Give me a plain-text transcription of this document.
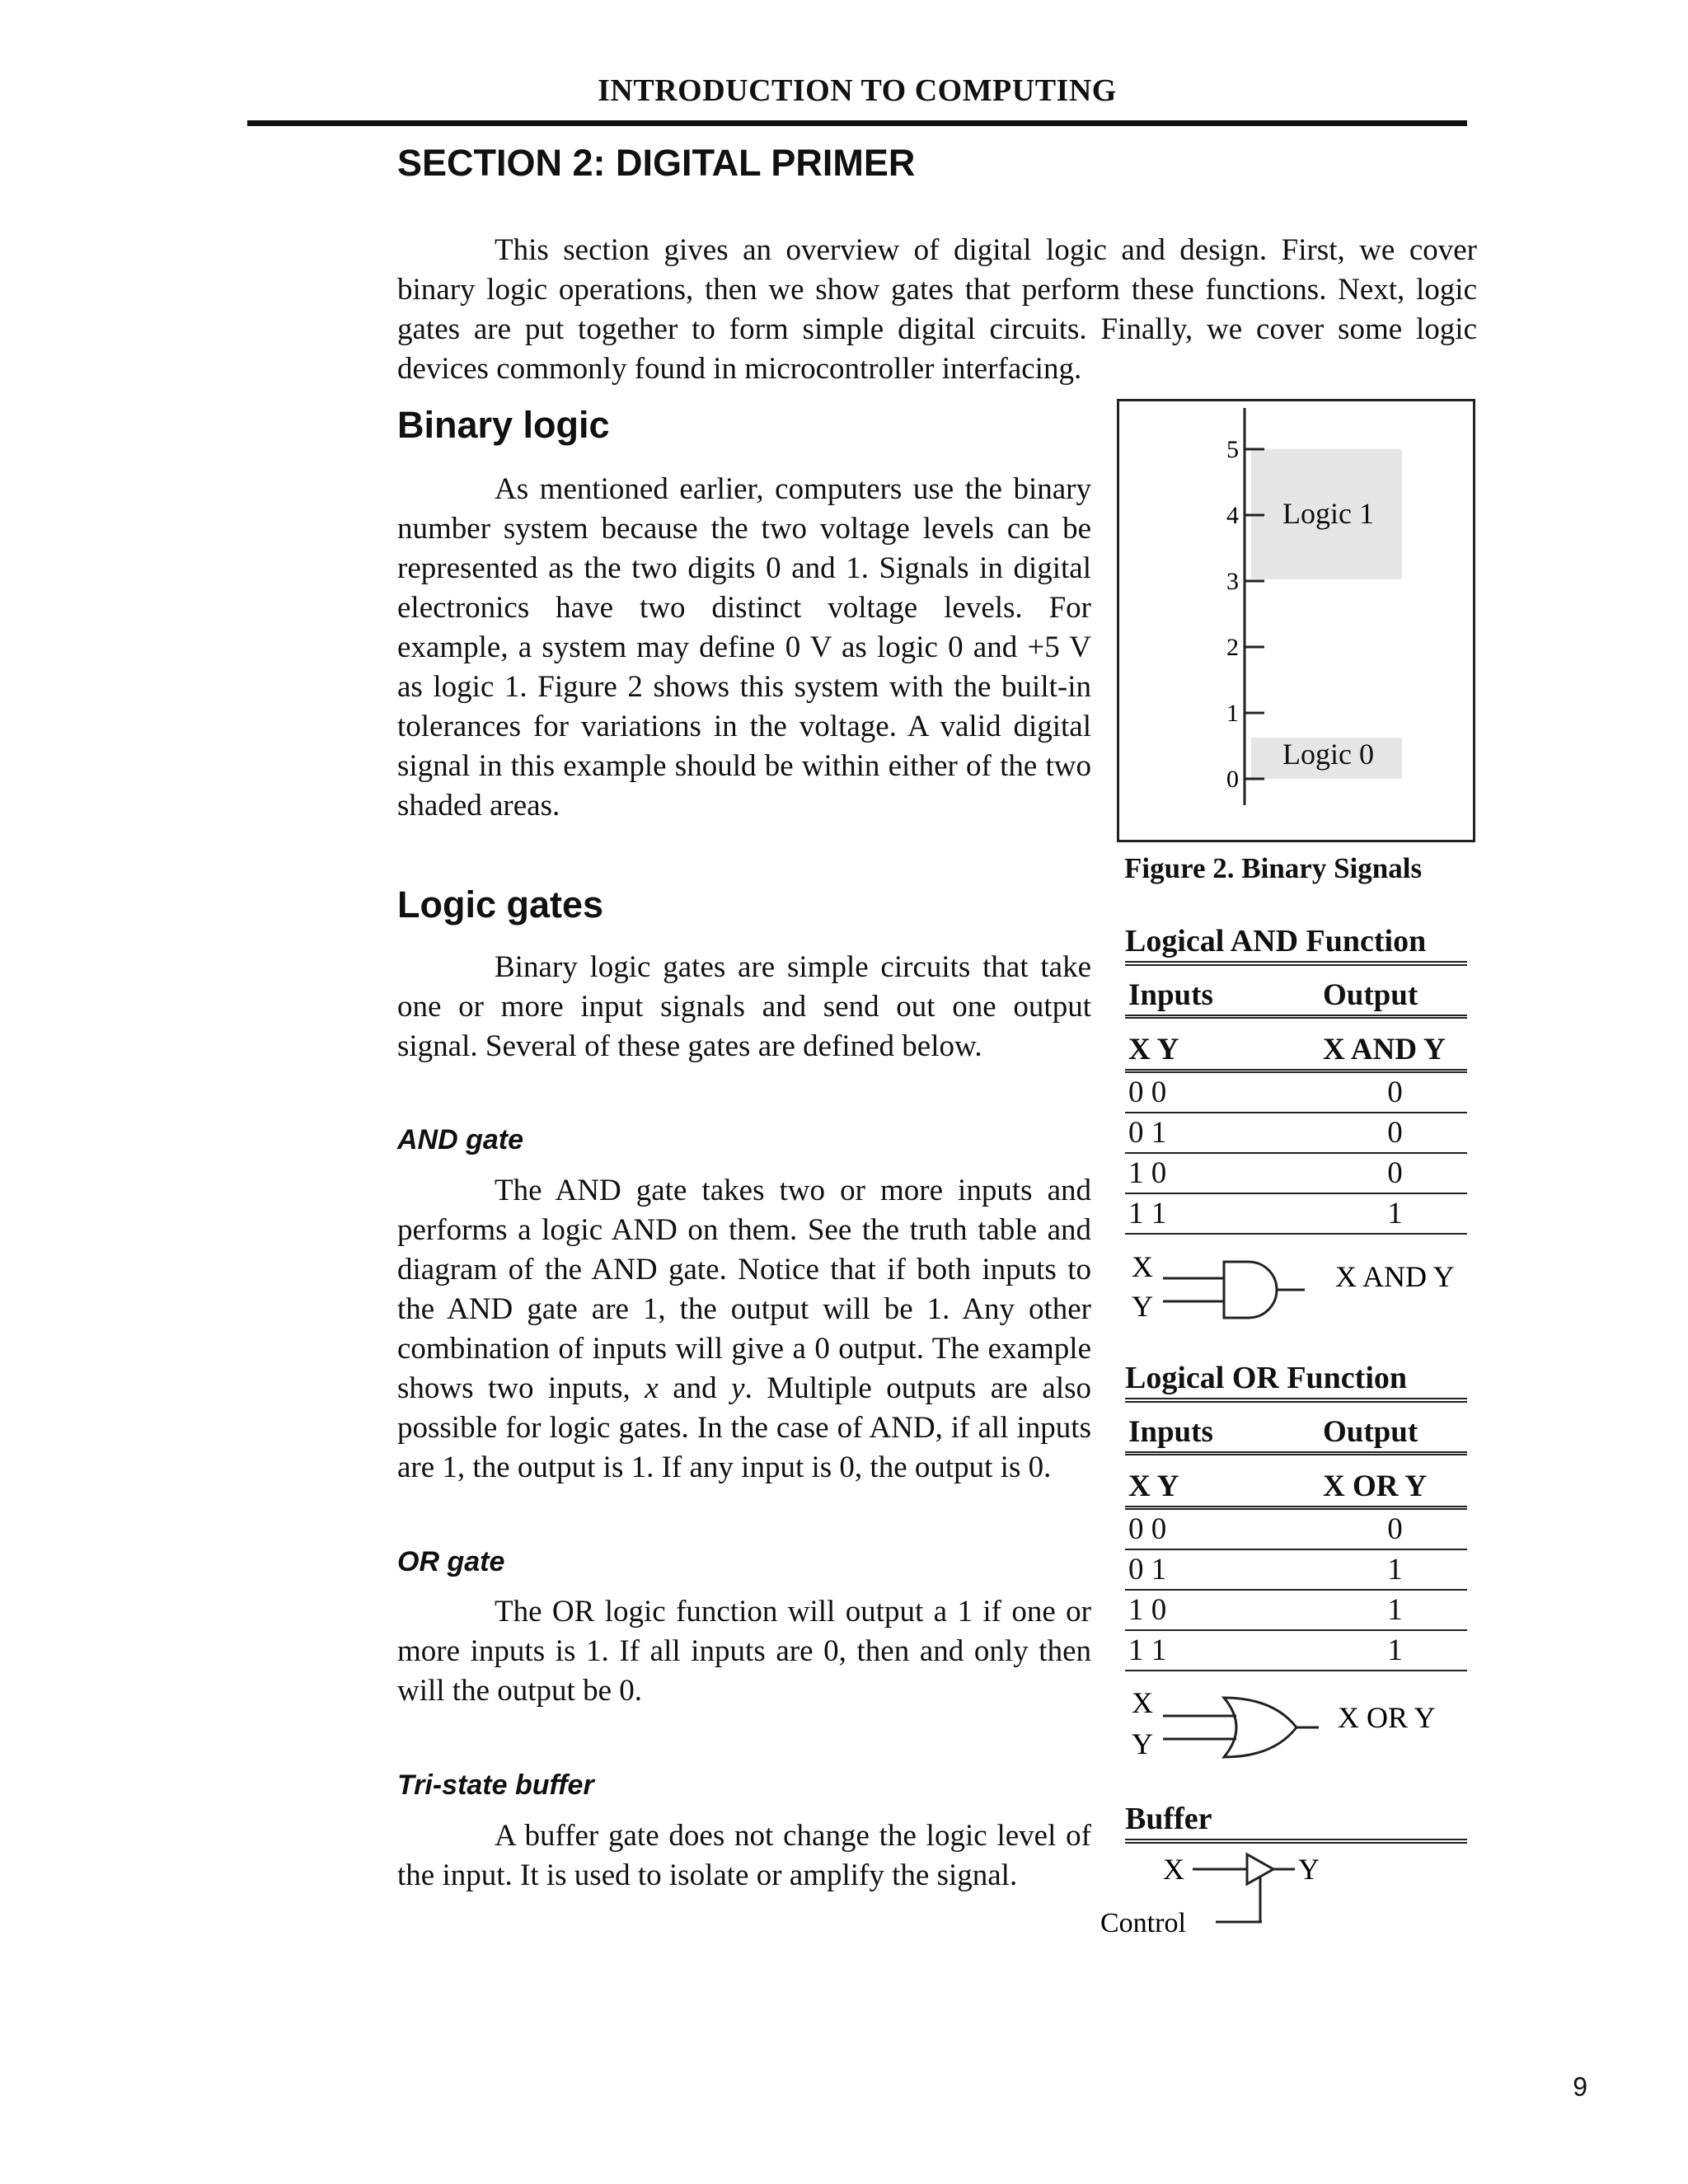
INTRODUCTION TO COMPUTING
SECTION 2: DIGITAL PRIMER
This section gives an overview of digital logic and design. First, we cover binary logic operations, then we show gates that perform these functions. Next, logic gates are put together to form simple digital circuits. Finally, we cover some logic devices commonly found in microcontroller interfacing.
Binary logic
As mentioned earlier, computers use the binary number system because the two voltage levels can be represented as the two digits 0 and 1. Signals in digital electronics have two distinct voltage levels. For example, a system may define 0 V as logic 0 and +5 V as logic 1. Figure 2 shows this system with the built-in tolerances for variations in the voltage. A valid digital signal in this example should be within either of the two shaded areas.
0
1
2
3
4
5
Logic 1
Logic 0
Figure 2. Binary Signals
Logic gates
Binary logic gates are simple circuits that take one or more input signals and send out one output signal. Several of these gates are defined below.
AND gate
The AND gate takes two or more inputs and performs a logic AND on them. See the truth table and diagram of the AND gate. Notice that if both inputs to the AND gate are 1, the output will be 1. Any other combination of inputs will give a 0 output. The example shows two inputs, x and y. Multiple outputs are also possible for logic gates. In the case of AND, if all inputs are 1, the output is 1. If any input is 0, the output is 0.
OR gate
The OR logic function will output a 1 if one or more inputs is 1. If all inputs are 0, then and only then will the output be 0.
Tri-state buffer
A buffer gate does not change the logic level of the input. It is used to isolate or amplify the signal.
Logical AND Function
Inputs	Output
X Y	X AND Y
0 0	0
0 1	0
1 0	0
1 1	1
X
Y
X AND Y
Logical OR Function
Inputs	Output
X Y	X OR Y
0 0	0
0 1	1
1 0	1
1 1	1
X
Y
X OR Y
Buffer
X	Y
Control
9
